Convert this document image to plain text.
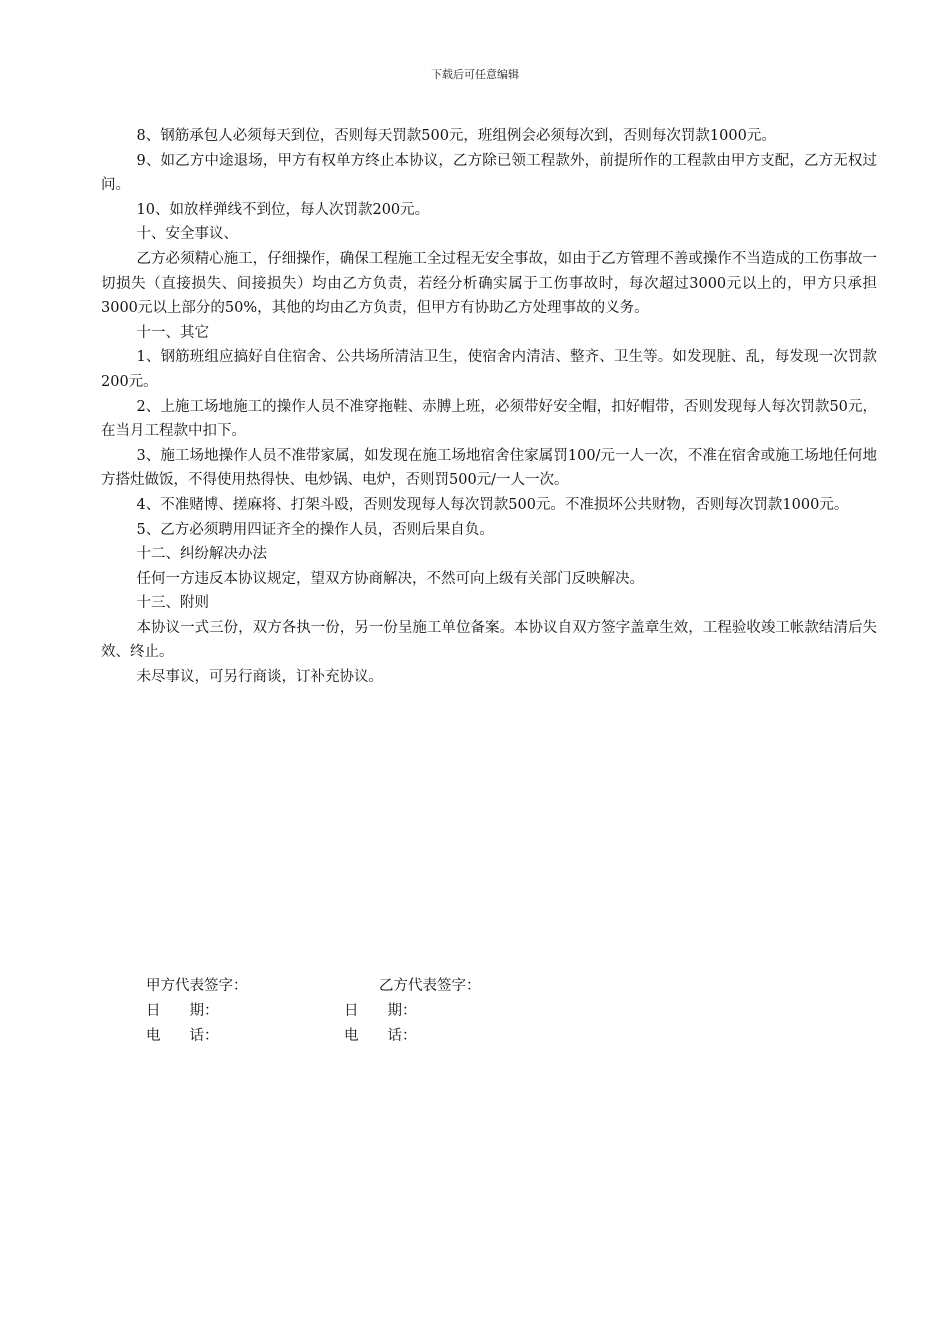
下载后可任意编辑

8、钢筋承包人必须每天到位，否则每天罚款500元，班组例会必须每次到，否则每次罚款1000元。

9、如乙方中途退场，甲方有权单方终止本协议，乙方除已领工程款外，前提所作的工程款由甲方支配，乙方无权过问。

10、如放样弹线不到位，每人次罚款200元。

十、安全事议、

乙方必须精心施工，仔细操作，确保工程施工全过程无安全事故，如由于乙方管理不善或操作不当造成的工伤事故一切损失（直接损失、间接损失）均由乙方负责，若经分析确实属于工伤事故时，每次超过3000元以上的，甲方只承担3000元以上部分的50%，其他的均由乙方负责，但甲方有协助乙方处理事故的义务。

十一、其它

1、钢筋班组应搞好自住宿舍、公共场所清洁卫生，使宿舍内清洁、整齐、卫生等。如发现脏、乱，每发现一次罚款200元。

2、上施工场地施工的操作人员不准穿拖鞋、赤膊上班，必须带好安全帽，扣好帽带，否则发现每人每次罚款50元，在当月工程款中扣下。

3、施工场地操作人员不准带家属，如发现在施工场地宿舍住家属罚100/元一人一次，不准在宿舍或施工场地任何地方搭灶做饭，不得使用热得快、电炒锅、电炉，否则罚500元/一人一次。

4、不准赌博、搓麻将、打架斗殴，否则发现每人每次罚款500元。不准损坏公共财物，否则每次罚款1000元。

5、乙方必须聘用四证齐全的操作人员，否则后果自负。

十二、纠纷解决办法

任何一方违反本协议规定，望双方协商解决，不然可向上级有关部门反映解决。

十三、附则

本协议一式三份，双方各执一份，另一份呈施工单位备案。本协议自双方签字盖章生效，工程验收竣工帐款结清后失效、终止。

未尽事议，可另行商谈，订补充协议。

甲方代表签字：

	乙方代表签字：

日　　期：

	日　　期：

电　　话：

	电　　话：
